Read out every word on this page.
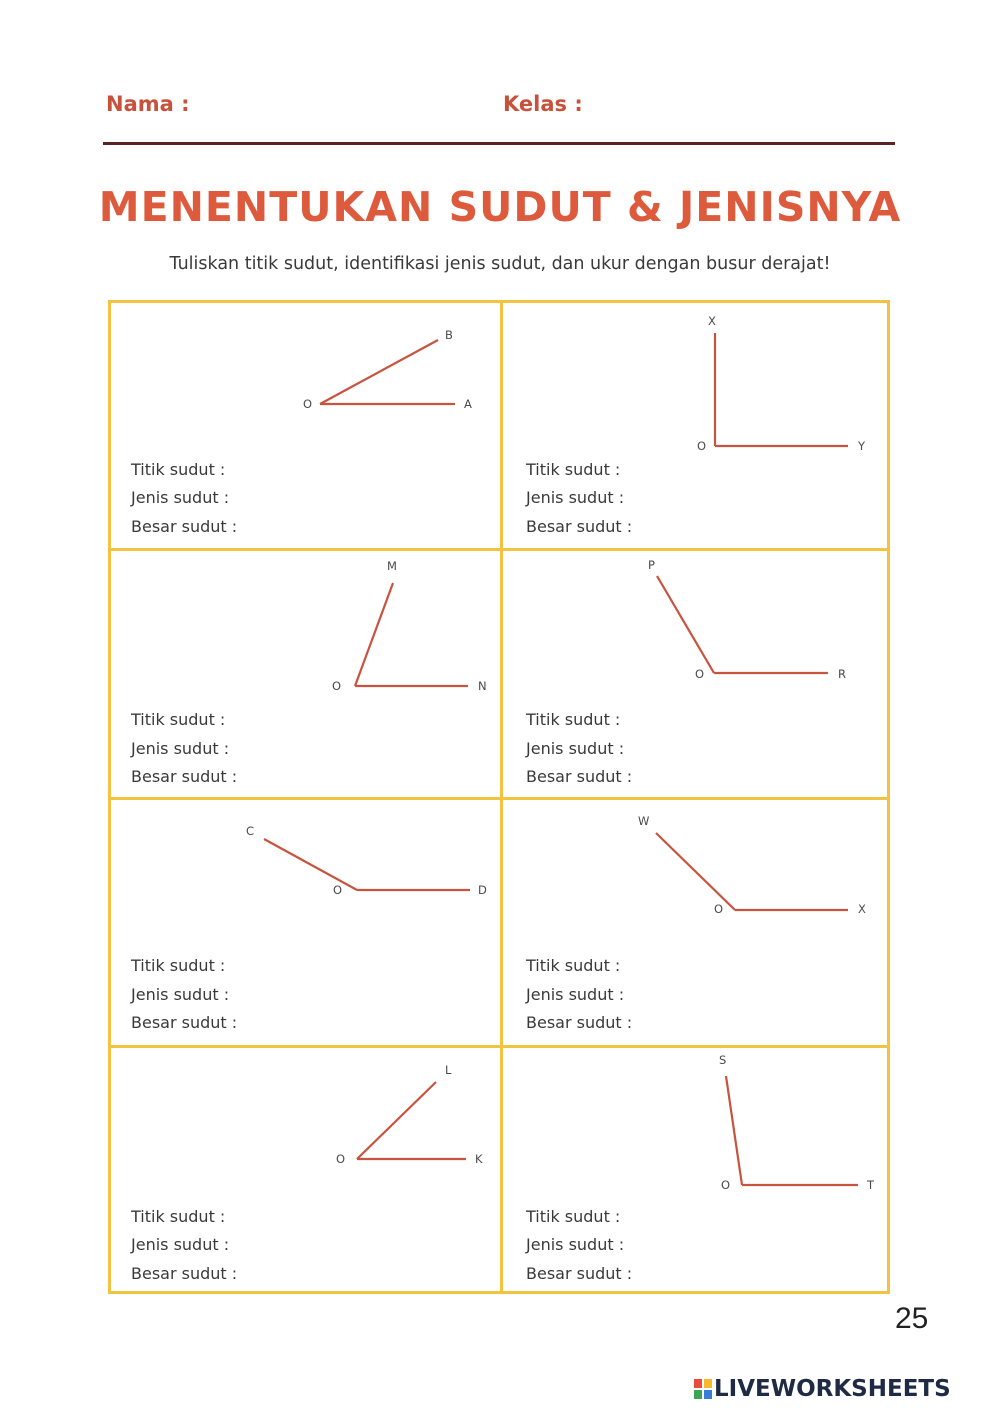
Nama :	Kelas :
MENENTUKAN SUDUT & JENISNYA
Tuliskan titik sudut, identifikasi jenis sudut, dan ukur dengan busur derajat!
B
O	A
X
O	Y
M
O	N
P
O	R
C
O	D
W
O	X
L
O	K
S
O	T
Titik sudut :
Jenis sudut :
Besar sudut :
Titik sudut :
Jenis sudut :
Besar sudut :
Titik sudut :
Jenis sudut :
Besar sudut :
Titik sudut :
Jenis sudut :
Besar sudut :
Titik sudut :
Jenis sudut :
Besar sudut :
Titik sudut :
Jenis sudut :
Besar sudut :
Titik sudut :
Jenis sudut :
Besar sudut :
Titik sudut :
Jenis sudut :
Besar sudut :
25
LIVEWORKSHEETS
